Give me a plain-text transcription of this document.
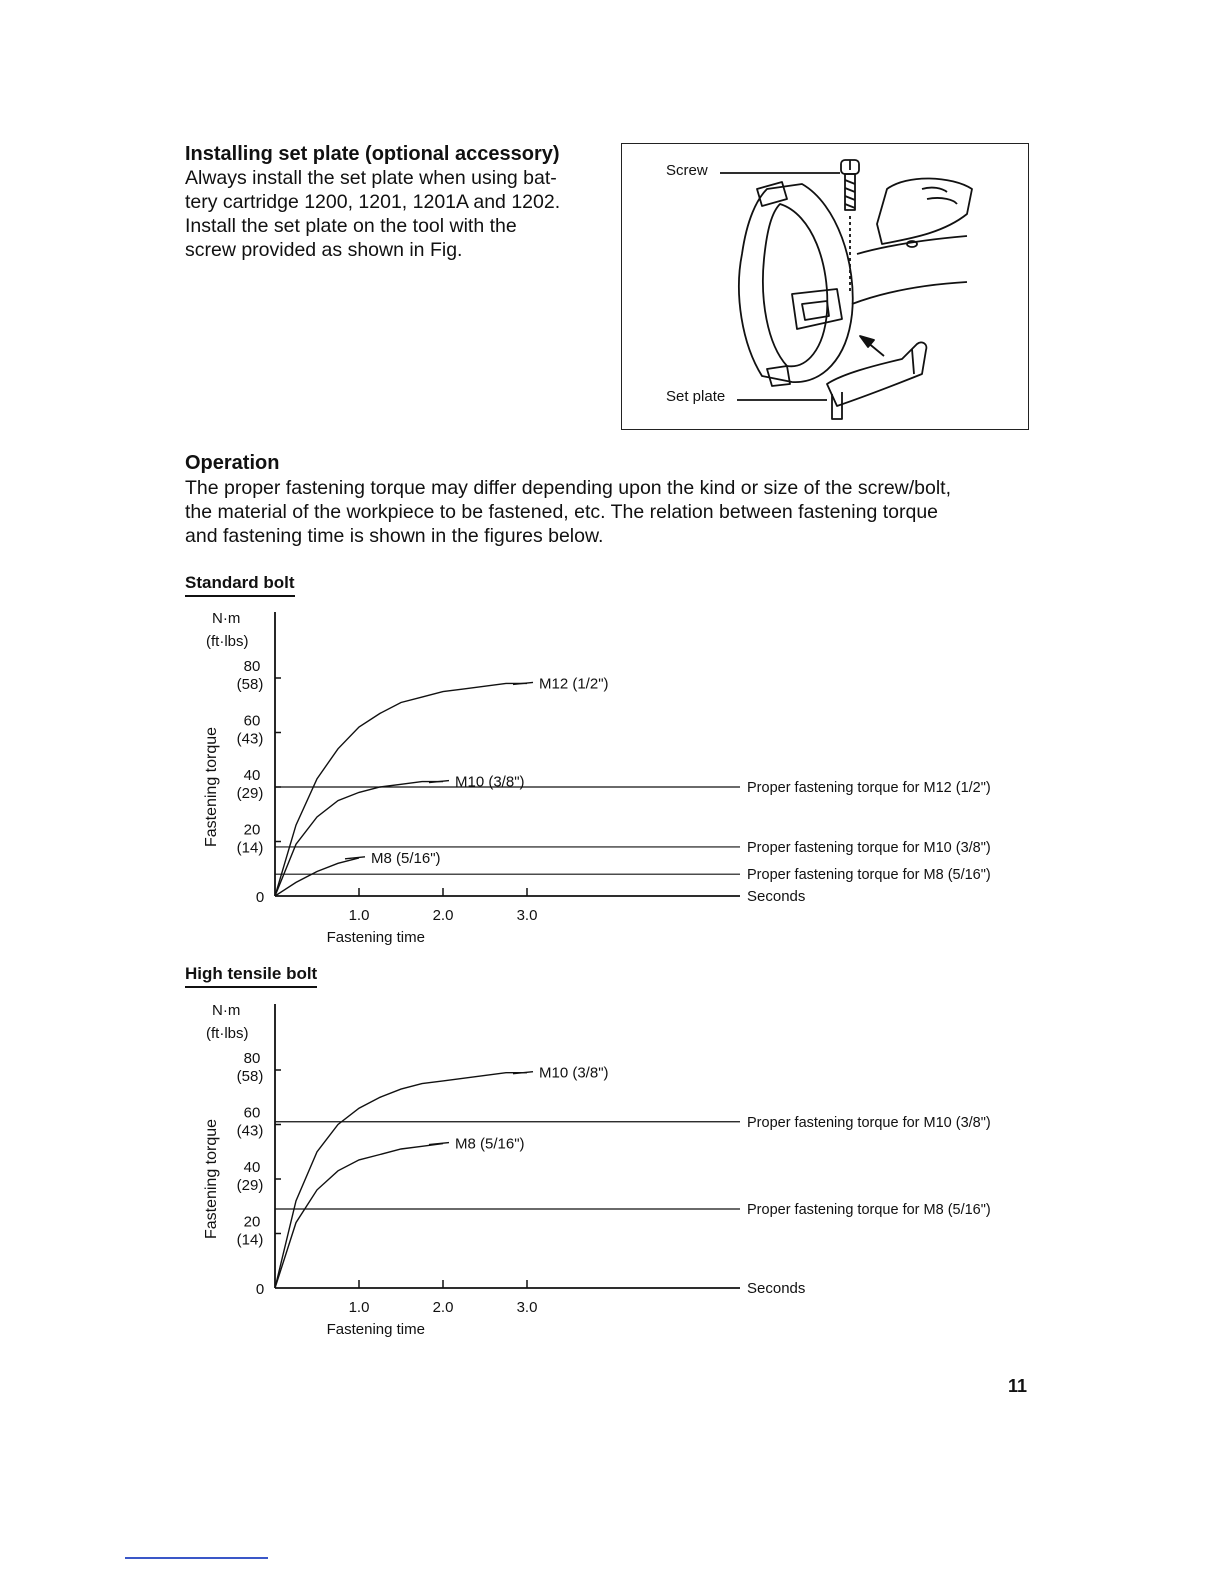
Installing set plate (optional accessory)
Always install the set plate when using bat-
tery cartridge 1200, 1201, 1201A and 1202.
Install the set plate on the tool with the
screw provided as shown in Fig.
Screw
Set plate
Operation
The proper fastening torque may differ depending upon the kind or size of the screw/bolt,
the material of the workpiece to be fastened, etc. The relation between fastening torque
and fastening time is shown in the figures below.
Standard bolt
N·m
(ft·lbs)
80
(58)
60
(43)
40
(29)
20
(14)
0
Fastening torque
1.0	2.0	3.0
Fastening time
Seconds
Proper fastening torque for M12 (1/2")
Proper fastening torque for M10 (3/8")
Proper fastening torque for M8 (5/16")
M12 (1/2")
M10 (3/8")
M8 (5/16")
High tensile bolt
N·m
(ft·lbs)
80
(58)
60
(43)
40
(29)
20
(14)
0
Fastening torque
1.0	2.0	3.0
Fastening time
Seconds
Proper fastening torque for M10 (3/8")
Proper fastening torque for M8 (5/16")
M10 (3/8")
M8 (5/16")
11
